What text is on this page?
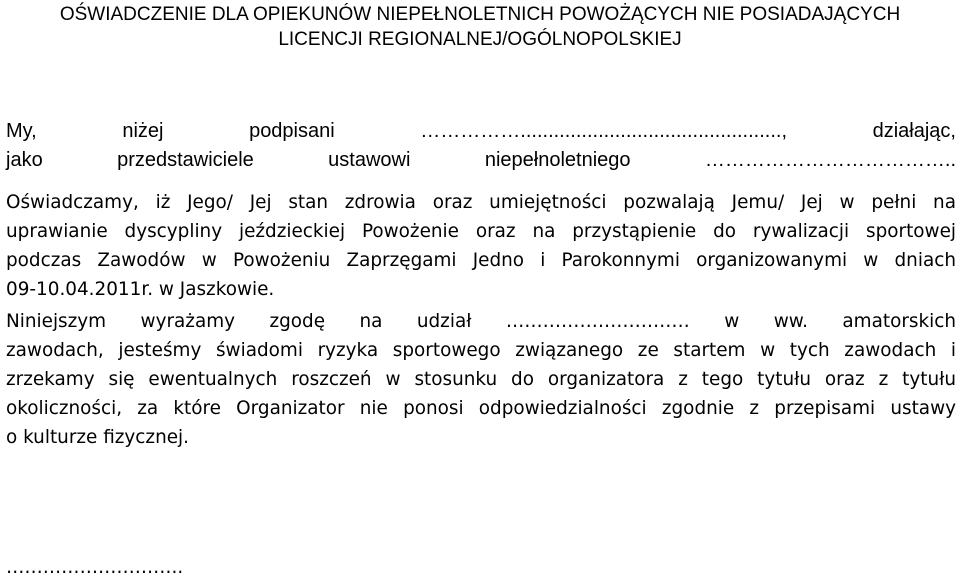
OŚWIADCZENIE DLA OPIEKUNÓW NIEPEŁNOLETNICH POWOŻĄCYCH NIE POSIADAJĄCYCH
LICENCJI REGIONALNEJ/OGÓLNOPOLSKIEJ
My, niżej podpisani ……………..............................................., działając,
jako przedstawiciele ustawowi niepełnoletniego ………………………………..
Oświadczamy, iż Jego/ Jej stan zdrowia oraz umiejętności pozwalają Jemu/ Jej w pełni na
uprawianie dyscypliny jeździeckiej Powożenie oraz na przystąpienie do rywalizacji sportowej
podczas Zawodów w Powożeniu Zaprzęgami Jedno i Parokonnymi organizowanymi w dniach
09-10.04.2011r. w Jaszkowie.
Niniejszym wyrażamy zgodę na udział ………………………… w ww. amatorskich
zawodach, jesteśmy świadomi ryzyka sportowego związanego ze startem w tych zawodach i
zrzekamy się ewentualnych roszczeń w stosunku do organizatora z tego tytułu oraz z tytułu
okoliczności, za które Organizator nie ponosi odpowiedzialności zgodnie z przepisami ustawy
o kulturze fizycznej.
………………………..
